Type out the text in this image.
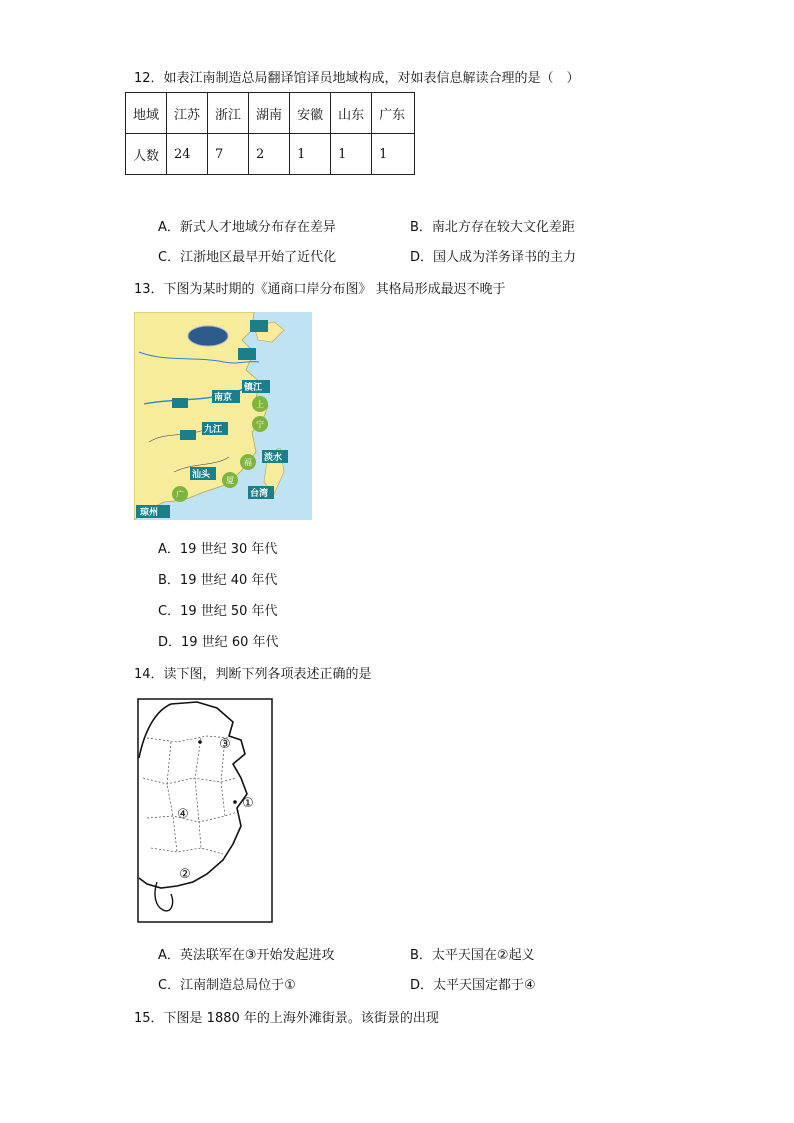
12．如表江南制造总局翻译馆译员地域构成，对如表信息解读合理的是（　）
地域	江苏	浙江	湖南	安徽	山东	广东
人数	24	7	2	1	1	1
A．新式人才地域分布存在差异	B．南北方存在较大文化差距
C．江浙地区最早开始了近代化	D．国人成为洋务译书的主力
13．下图为某时期的《通商口岸分布图》 其格局形成最迟不晚于
南京
镇江
九江
汕头
淡水
台湾
琼州
上
宁
福
厦
广
A．19 世纪 30 年代
B．19 世纪 40 年代
C．19 世纪 50 年代
D．19 世纪 60 年代
14．读下图，判断下列各项表述正确的是
③
①
④
②
A．英法联军在③开始发起进攻	B．太平天国在②起义
C．江南制造总局位于①	D．太平天国定都于④
15．下图是 1880 年的上海外滩街景。该街景的出现
